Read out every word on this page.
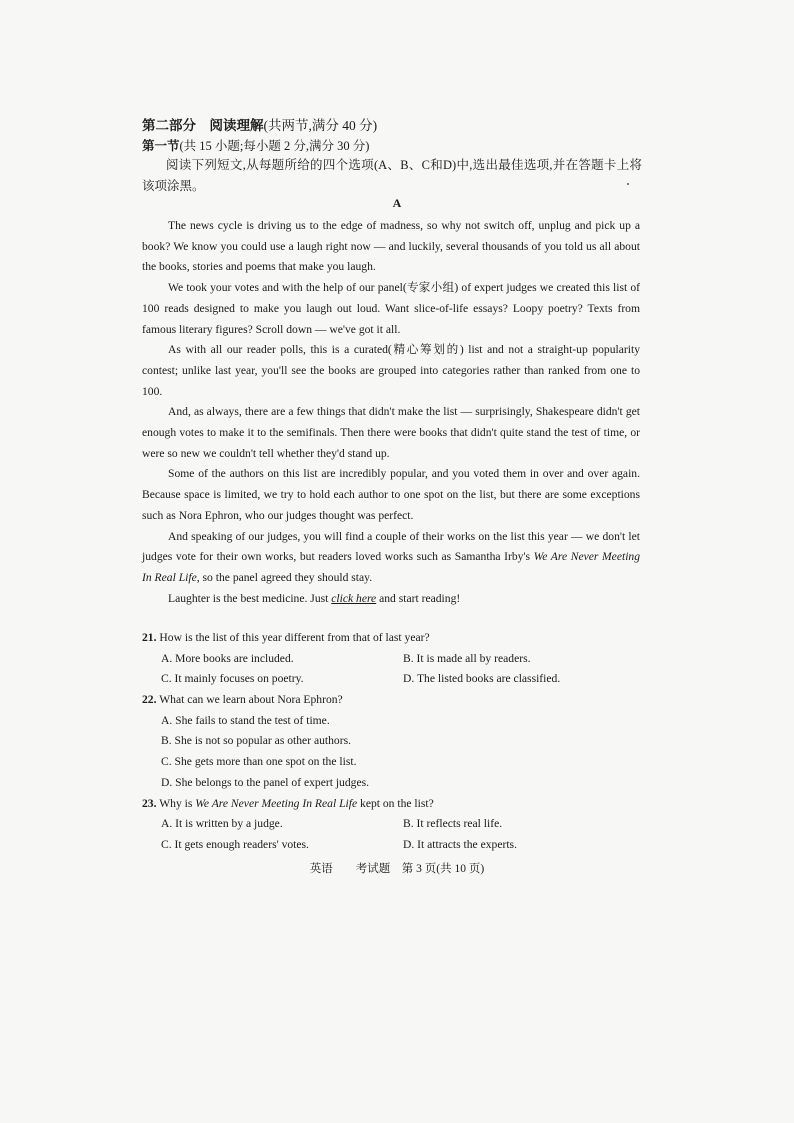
第二部分　阅读理解(共两节,满分 40 分)
第一节(共 15 小题;每小题 2 分,满分 30 分)
阅读下列短文,从每题所给的四个选项(A、B、C和D)中,选出最佳选项,并在答题卡上将该项涂黑。
A

The news cycle is driving us to the edge of madness, so why not switch off, unplug and pick up a book? We know you could use a laugh right now — and luckily, several thousands of you told us all about the books, stories and poems that make you laugh.

We took your votes and with the help of our panel(专家小组) of expert judges we created this list of 100 reads designed to make you laugh out loud. Want slice-of-life essays? Loopy poetry? Texts from famous literary figures? Scroll down — we've got it all.

As with all our reader polls, this is a curated(精心筹划的) list and not a straight-up popularity contest; unlike last year, you'll see the books are grouped into categories rather than ranked from one to 100.

And, as always, there are a few things that didn't make the list — surprisingly, Shakespeare didn't get enough votes to make it to the semifinals. Then there were books that didn't quite stand the test of time, or were so new we couldn't tell whether they'd stand up.

Some of the authors on this list are incredibly popular, and you voted them in over and over again. Because space is limited, we try to hold each author to one spot on the list, but there are some exceptions such as Nora Ephron, who our judges thought was perfect.

And speaking of our judges, you will find a couple of their works on the list this year — we don't let judges vote for their own works, but readers loved works such as Samantha Irby's We Are Never Meeting In Real Life, so the panel agreed they should stay.

Laughter is the best medicine. Just click here and start reading!

21. How is the list of this year different from that of last year?
A. More books are included.	B. It is made all by readers.
C. It mainly focuses on poetry.	D. The listed books are classified.
22. What can we learn about Nora Ephron?
A. She fails to stand the test of time.
B. She is not so popular as other authors.
C. She gets more than one spot on the list.
D. She belongs to the panel of expert judges.
23. Why is We Are Never Meeting In Real Life kept on the list?
A. It is written by a judge.	B. It reflects real life.
C. It gets enough readers' votes.	D. It attracts the experts.
英语　　考试题　第 3 页(共 10 页)
